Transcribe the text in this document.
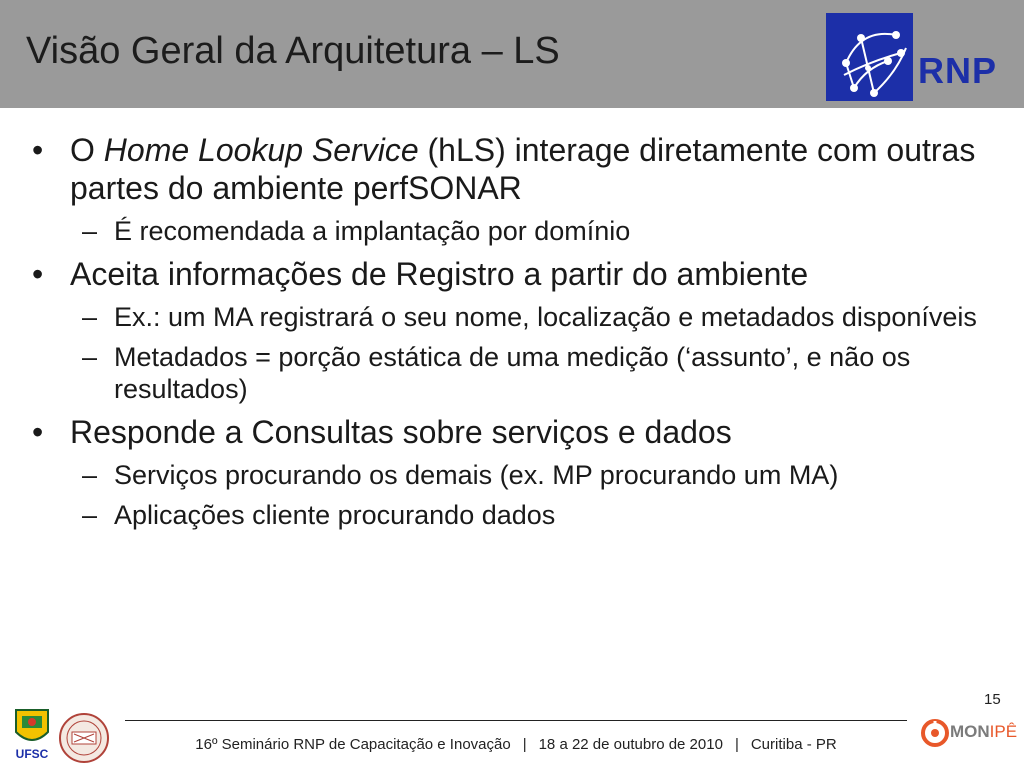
Visão Geral da Arquitetura – LS	RNP
• O Home Lookup Service (hLS) interage diretamente com outras partes do ambiente perfSONAR
– É recomendada a implantação por domínio
• Aceita informações de Registro a partir do ambiente
– Ex.: um MA registrará o seu nome, localização e metadados disponíveis
– Metadados = porção estática de uma medição (‘assunto’, e não os resultados)
• Responde a Consultas sobre serviços e dados
– Serviços procurando os demais (ex. MP procurando um MA)
– Aplicações cliente procurando dados
15
16º Seminário RNP de Capacitação e Inovação | 18 a 22 de outubro de 2010 | Curitiba - PR
UFSC
MONIPÊ
